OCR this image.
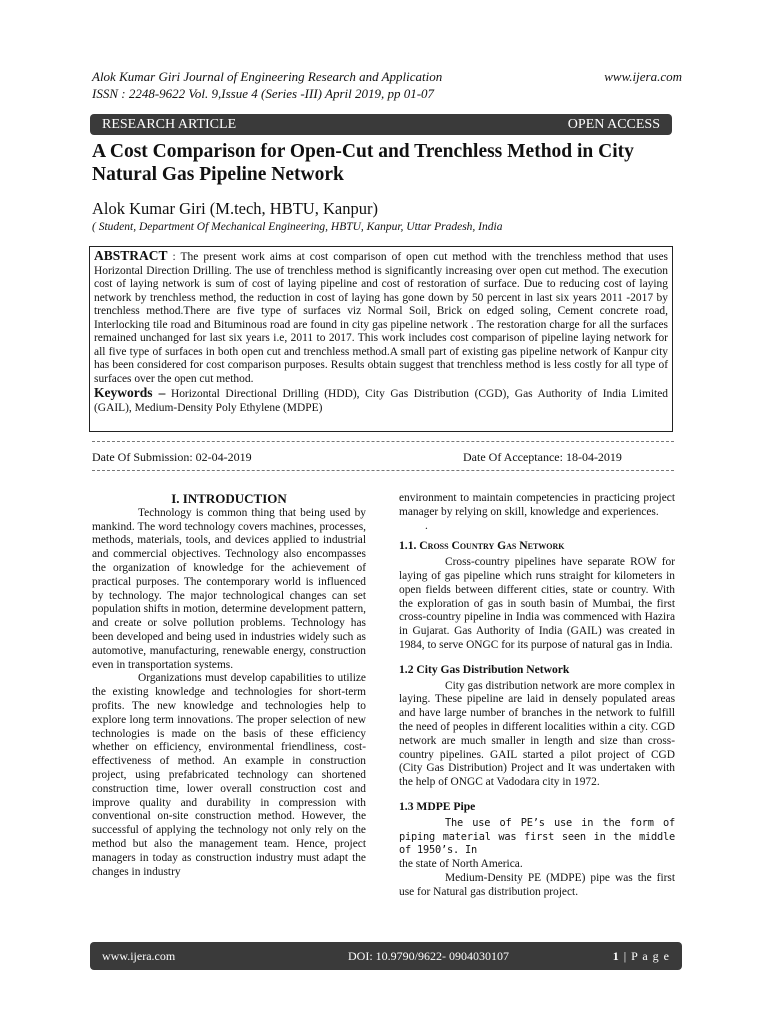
Alok Kumar Giri Journal of Engineering Research and Application	www.ijera.com
ISSN : 2248-9622 Vol. 9,Issue 4 (Series -III) April 2019, pp 01-07
RESEARCH ARTICLE	OPEN ACCESS
A Cost Comparison for Open-Cut and Trenchless Method in City Natural Gas Pipeline Network
Alok Kumar Giri (M.tech, HBTU, Kanpur)
( Student, Department Of Mechanical Engineering, HBTU, Kanpur, Uttar Pradesh, India
ABSTRACT : The present work aims at cost comparison of open cut method with the trenchless method that uses Horizontal Direction Drilling. The use of trenchless method is significantly increasing over open cut method. The execution cost of laying network is sum of cost of laying pipeline and cost of restoration of surface. Due to reducing cost of laying network by trenchless method, the reduction in cost of laying has gone down by 50 percent in last six years 2011 -2017 by trenchless method.There are five type of surfaces viz Normal Soil, Brick on edged soling, Cement concrete road, Interlocking tile road and Bituminous road are found in city gas pipeline network . The restoration charge for all the surfaces remained unchanged for last six years i.e, 2011 to 2017. This work includes cost comparison of pipeline laying network for all five type of surfaces in both open cut and trenchless method.A small part of existing gas pipeline network of Kanpur city has been considered for cost comparison purposes. Results obtain suggest that trenchless method is less costly for all type of surfaces over the open cut method.
Keywords – Horizontal Directional Drilling (HDD), City Gas Distribution (CGD), Gas Authority of India Limited (GAIL), Medium-Density Poly Ethylene (MDPE)
Date Of Submission: 02-04-2019	Date Of Acceptance: 18-04-2019

I. INTRODUCTION

Technology is common thing that being used by mankind. The word technology covers machines, processes, methods, materials, tools, and devices applied to industrial and commercial objectives. Technology also encompasses the organization of knowledge for the achievement of practical purposes. The contemporary world is influenced by technology. The major technological changes can set population shifts in motion, determine development pattern, and create or solve pollution problems. Technology has been developed and being used in industries widely such as automotive, manufacturing, renewable energy, construction even in transportation systems.

Organizations must develop capabilities to utilize the existing knowledge and technologies for short-term profits. The new knowledge and technologies help to explore long term innovations. The proper selection of new technologies is made on the basis of these efficiency whether on efficiency, environmental friendliness, cost-effectiveness of method. An example in construction project, using prefabricated technology can shortened construction time, lower overall construction cost and improve quality and durability in compression with conventional on-site construction method. However, the successful of applying the technology not only rely on the method but also the management team. Hence, project managers in today as construction industry must adapt the changes in industry

environment to maintain competencies in practicing project manager by relying on skill, knowledge and experiences.

.

1.1. Cross Country Gas Network

Cross-country pipelines have separate ROW for laying of gas pipeline which runs straight for kilometers in open fields between different cities, state or country. With the exploration of gas in south basin of Mumbai, the first cross-country pipeline in India was commenced with Hazira in Gujarat. Gas Authority of India (GAIL) was created in 1984, to serve ONGC for its purpose of natural gas in India.

1.2 City Gas Distribution Network

City gas distribution network are more complex in laying. These pipeline are laid in densely populated areas and have large number of branches in the network to fulfill the need of peoples in different localities within a city. CGD network are much smaller in length and size than cross-country pipelines. GAIL started a pilot project of CGD (City Gas Distribution) Project and It was undertaken with the help of ONGC at Vadodara city in 1972.

1.3 MDPE Pipe

The use of PE’s use in the form of piping material was first seen in the middle of 1950’s. In

the state of North America.

Medium-Density PE (MDPE) pipe was the first use for Natural gas distribution project.

www.ijera.com	DOI: 10.9790/9622- 0904030107	1 | P a g e
